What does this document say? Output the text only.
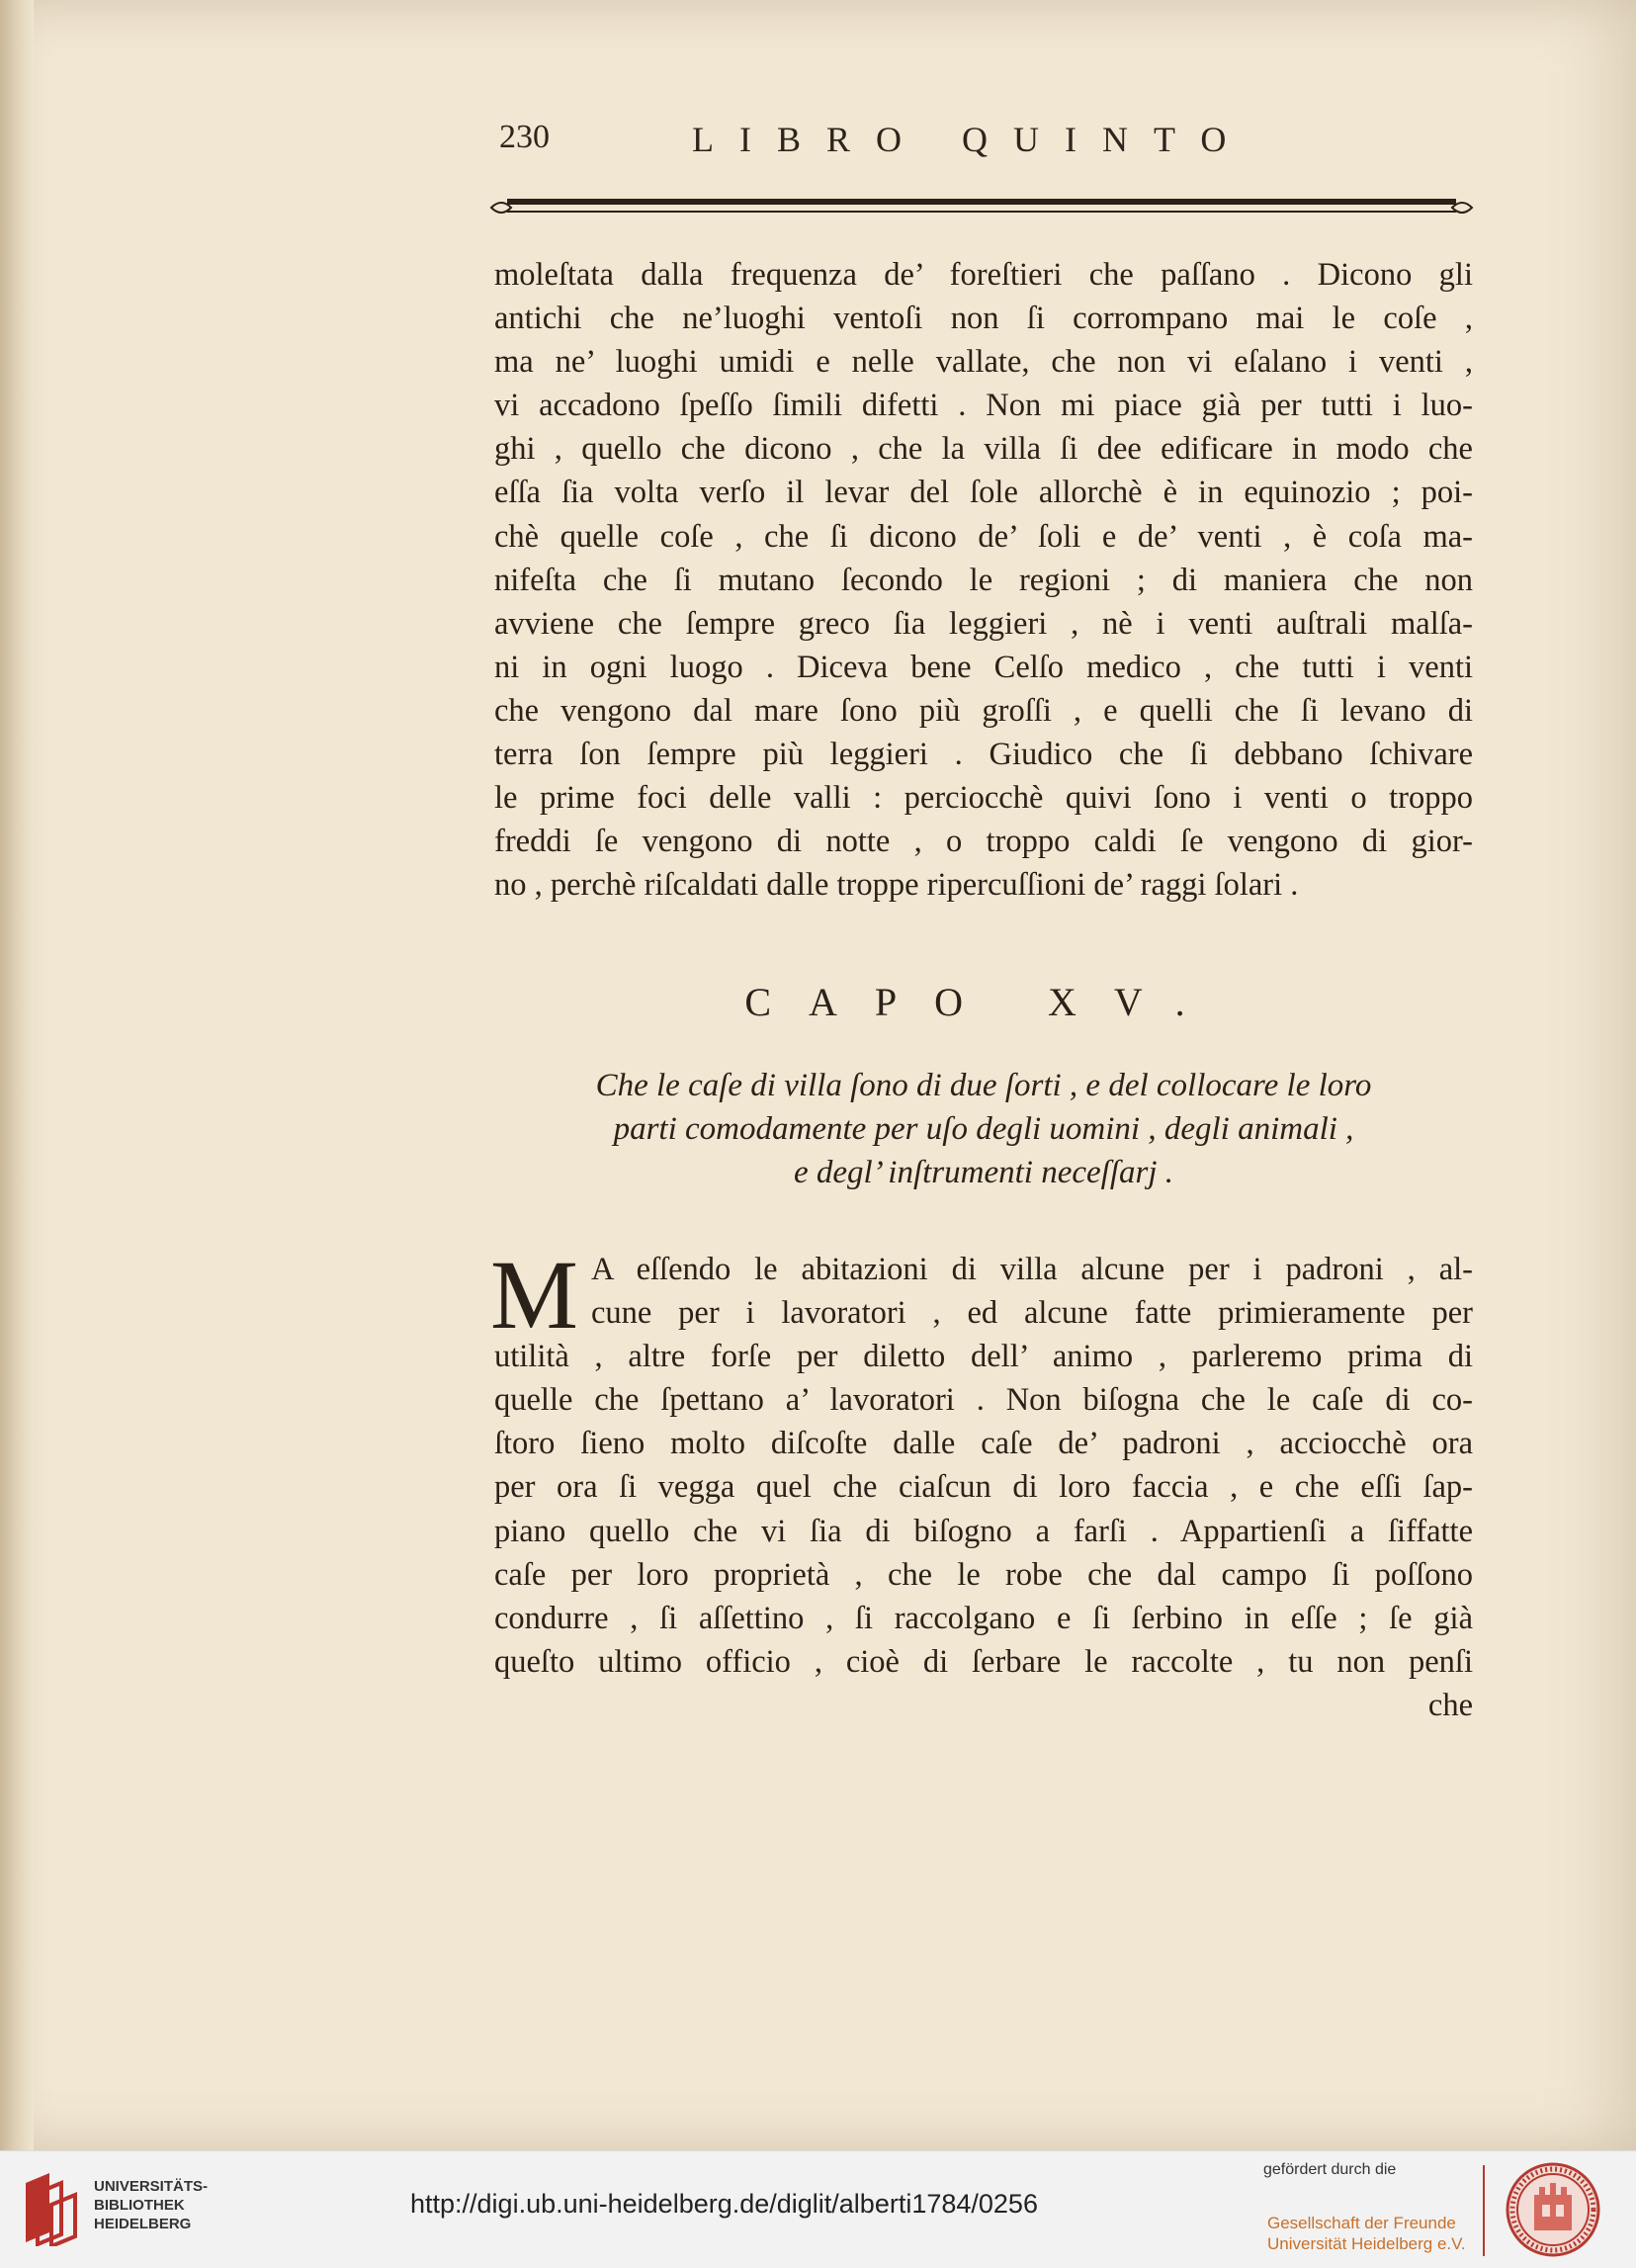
230	LIBRO QUINTO
moleſtata dalla frequenza de’ foreſtieri che paſſano . Dicono gli
antichi che ne’luoghi ventoſi non ſi corrompano mai le coſe ,
ma ne’ luoghi umidi e nelle vallate, che non vi eſalano i venti ,
vi accadono ſpeſſo ſimili difetti . Non mi piace già per tutti i luo-
ghi , quello che dicono , che la villa ſi dee edificare in modo che
eſſa ſia volta verſo il levar del ſole allorchè è in equinozio ; poi-
chè quelle coſe , che ſi dicono de’ ſoli e de’ venti , è coſa ma-
nifeſta che ſi mutano ſecondo le regioni ; di maniera che non
avviene che ſempre greco ſia leggieri , nè i venti auſtrali malſa-
ni in ogni luogo . Diceva bene Celſo medico , che tutti i venti
che vengono dal mare ſono più groſſi , e quelli che ſi levano di
terra ſon ſempre più leggieri . Giudico che ſi debbano ſchivare
le prime foci delle valli : perciocchè quivi ſono i venti o troppo
freddi ſe vengono di notte , o troppo caldi ſe vengono di gior-
no , perchè riſcaldati dalle troppe ripercuſſioni de’ raggi ſolari .
CAPO XV.
Che le caſe di villa ſono di due ſorti , e del collocare le loro
parti comodamente per uſo degli uomini , degli animali ,
e degl’ inſtrumenti neceſſarj .
M A eſſendo le abitazioni di villa alcune per i padroni , al-
cune per i lavoratori , ed alcune fatte primieramente per
utilità , altre forſe per diletto dell’ animo , parleremo prima di
quelle che ſpettano a’ lavoratori . Non biſogna che le caſe di co-
ſtoro ſieno molto diſcoſte dalle caſe de’ padroni , acciocchè ora
per ora ſi vegga quel che ciaſcun di loro faccia , e che eſſi ſap-
piano quello che vi ſia di biſogno a farſi . Appartienſi a ſiffatte
caſe per loro proprietà , che le robe che dal campo ſi poſſono
condurre , ſi aſſettino , ſi raccolgano e ſi ſerbino in eſſe ; ſe già
queſto ultimo officio , cioè di ſerbare le raccolte , tu non penſi
che
UNIVERSITÄTS-
BIBLIOTHEK
HEIDELBERG
http://digi.ub.uni-heidelberg.de/diglit/alberti1784/0256
gefördert durch die
Gesellschaft der Freunde
Universität Heidelberg e.V.
